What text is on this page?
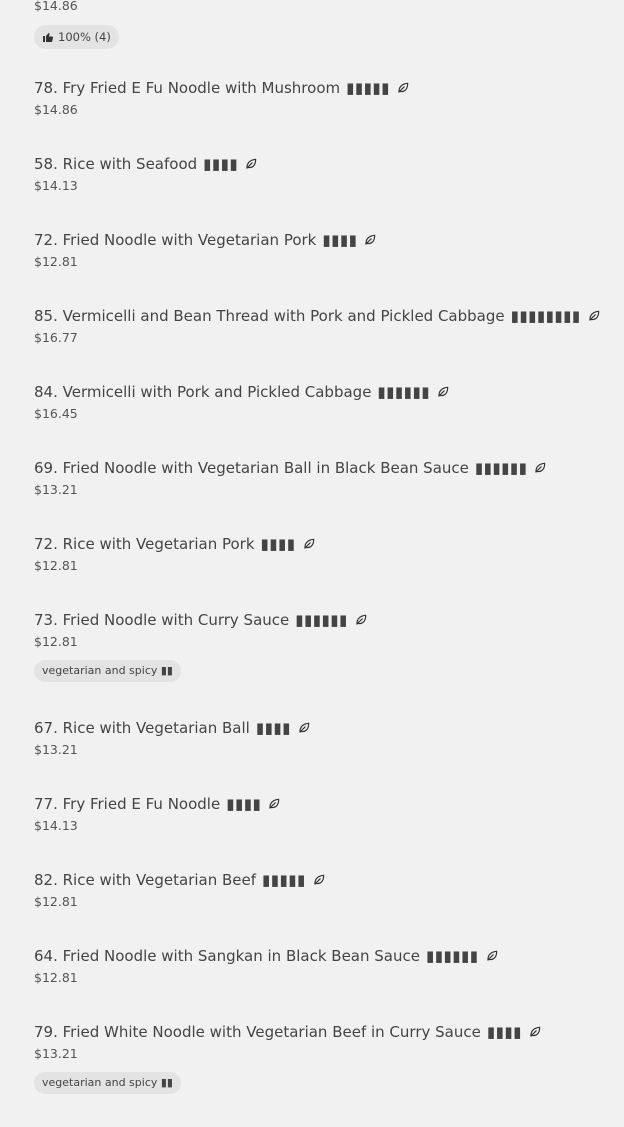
$14.86
100% (4)
78. Fry Fried E Fu Noodle with Mushroom ▮▮▮▮▮
$14.86
58. Rice with Seafood ▮▮▮▮
$14.13
72. Fried Noodle with Vegetarian Pork ▮▮▮▮
$12.81
85. Vermicelli and Bean Thread with Pork and Pickled Cabbage ▮▮▮▮▮▮▮▮
$16.77
84. Vermicelli with Pork and Pickled Cabbage ▮▮▮▮▮▮
$16.45
69. Fried Noodle with Vegetarian Ball in Black Bean Sauce ▮▮▮▮▮▮
$13.21
72. Rice with Vegetarian Pork ▮▮▮▮
$12.81
73. Fried Noodle with Curry Sauce ▮▮▮▮▮▮
$12.81
vegetarian and spicy ▮▮
67. Rice with Vegetarian Ball ▮▮▮▮
$13.21
77. Fry Fried E Fu Noodle ▮▮▮▮
$14.13
82. Rice with Vegetarian Beef ▮▮▮▮▮
$12.81
64. Fried Noodle with Sangkan in Black Bean Sauce ▮▮▮▮▮▮
$12.81
79. Fried White Noodle with Vegetarian Beef in Curry Sauce ▮▮▮▮
$13.21
vegetarian and spicy ▮▮
